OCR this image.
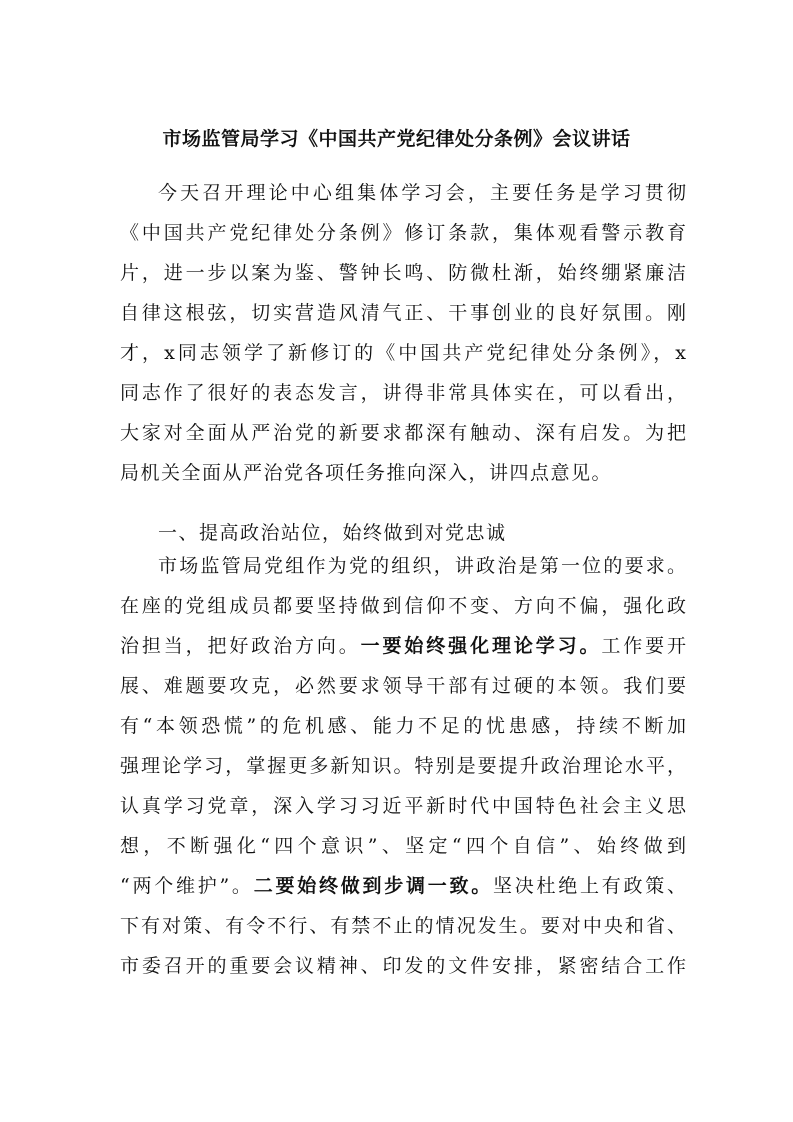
市场监管局学习《中国共产党纪律处分条例》会议讲话
今天召开理论中心组集体学习会，主要任务是学习贯彻
《中国共产党纪律处分条例》修订条款，集体观看警示教育
片，进一步以案为鉴、警钟长鸣、防微杜渐，始终绷紧廉洁
自律这根弦，切实营造风清气正、干事创业的良好氛围。刚
才，x同志领学了新修订的《中国共产党纪律处分条例》，x
同志作了很好的表态发言，讲得非常具体实在，可以看出，
大家对全面从严治党的新要求都深有触动、深有启发。为把
局机关全面从严治党各项任务推向深入，讲四点意见。
一、提高政治站位，始终做到对党忠诚
市场监管局党组作为党的组织，讲政治是第一位的要求。
在座的党组成员都要坚持做到信仰不变、方向不偏，强化政
治担当，把好政治方向。一要始终强化理论学习。工作要开
展、难题要攻克，必然要求领导干部有过硬的本领。我们要
有“本领恐慌”的危机感、能力不足的忧患感，持续不断加
强理论学习，掌握更多新知识。特别是要提升政治理论水平，
认真学习党章，深入学习习近平新时代中国特色社会主义思
想，不断强化“四个意识”、坚定“四个自信”、始终做到
“两个维护”。二要始终做到步调一致。坚决杜绝上有政策、
下有对策、有令不行、有禁不止的情况发生。要对中央和省、
市委召开的重要会议精神、印发的文件安排，紧密结合工作
